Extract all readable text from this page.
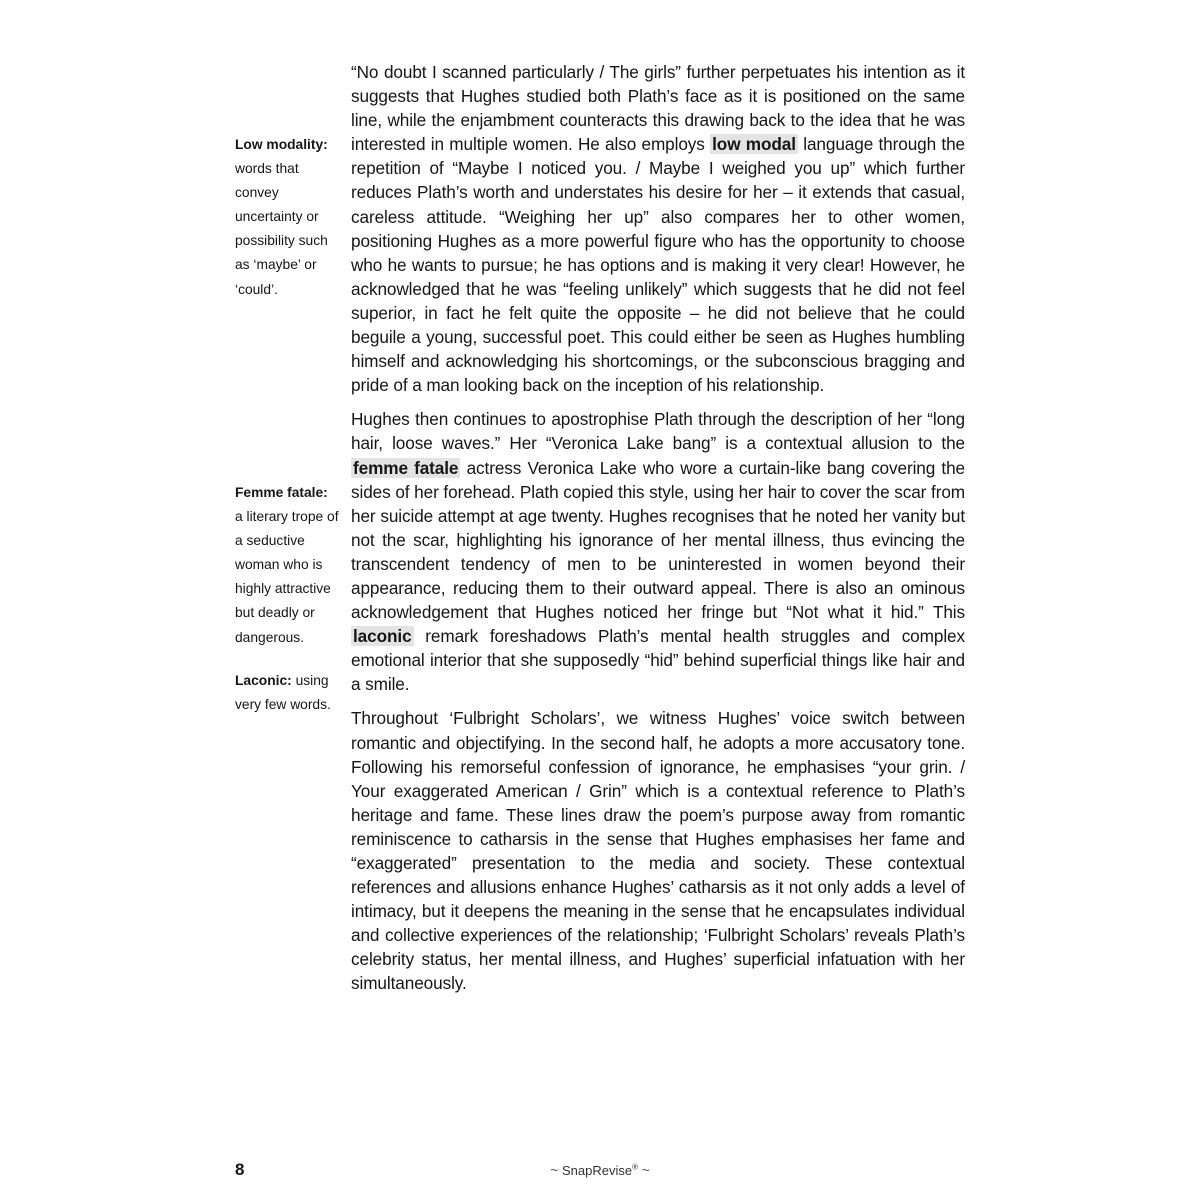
Low modality: words that convey uncertainty or possibility such as ‘maybe’ or ‘could’.
Femme fatale: a literary trope of a seductive woman who is highly attractive but deadly or dangerous.
Laconic: using very few words.

“No doubt I scanned particularly / The girls” further perpetuates his intention as it suggests that Hughes studied both Plath’s face as it is positioned on the same line, while the enjambment counteracts this drawing back to the idea that he was interested in multiple women. He also employs low modal language through the repetition of “Maybe I noticed you. / Maybe I weighed you up” which further reduces Plath’s worth and understates his desire for her – it extends that casual, careless attitude. “Weighing her up” also compares her to other women, positioning Hughes as a more powerful figure who has the opportunity to choose who he wants to pursue; he has options and is making it very clear! However, he acknowledged that he was “feeling unlikely” which suggests that he did not feel superior, in fact he felt quite the opposite – he did not believe that he could beguile a young, successful poet. This could either be seen as Hughes humbling himself and acknowledging his shortcomings, or the subconscious bragging and pride of a man looking back on the inception of his relationship.

Hughes then continues to apostrophise Plath through the description of her “long hair, loose waves.” Her “Veronica Lake bang” is a contextual allusion to the femme fatale actress Veronica Lake who wore a curtain-like bang covering the sides of her forehead. Plath copied this style, using her hair to cover the scar from her suicide attempt at age twenty. Hughes recognises that he noted her vanity but not the scar, highlighting his ignorance of her mental illness, thus evincing the transcendent tendency of men to be uninterested in women beyond their appearance, reducing them to their outward appeal. There is also an ominous acknowledgement that Hughes noticed her fringe but “Not what it hid.” This laconic remark foreshadows Plath’s mental health struggles and complex emotional interior that she supposedly “hid” behind superficial things like hair and a smile.

Throughout ‘Fulbright Scholars’, we witness Hughes’ voice switch between romantic and objectifying. In the second half, he adopts a more accusatory tone. Following his remorseful confession of ignorance, he emphasises “your grin. / Your exaggerated American / Grin” which is a contextual reference to Plath’s heritage and fame. These lines draw the poem’s purpose away from romantic reminiscence to catharsis in the sense that Hughes emphasises her fame and “exaggerated” presentation to the media and society. These contextual references and allusions enhance Hughes’ catharsis as it not only adds a level of intimacy, but it deepens the meaning in the sense that he encapsulates individual and collective experiences of the relationship; ‘Fulbright Scholars’ reveals Plath’s celebrity status, her mental illness, and Hughes’ superficial infatuation with her simultaneously.

8	~ SnapRevise® ~
